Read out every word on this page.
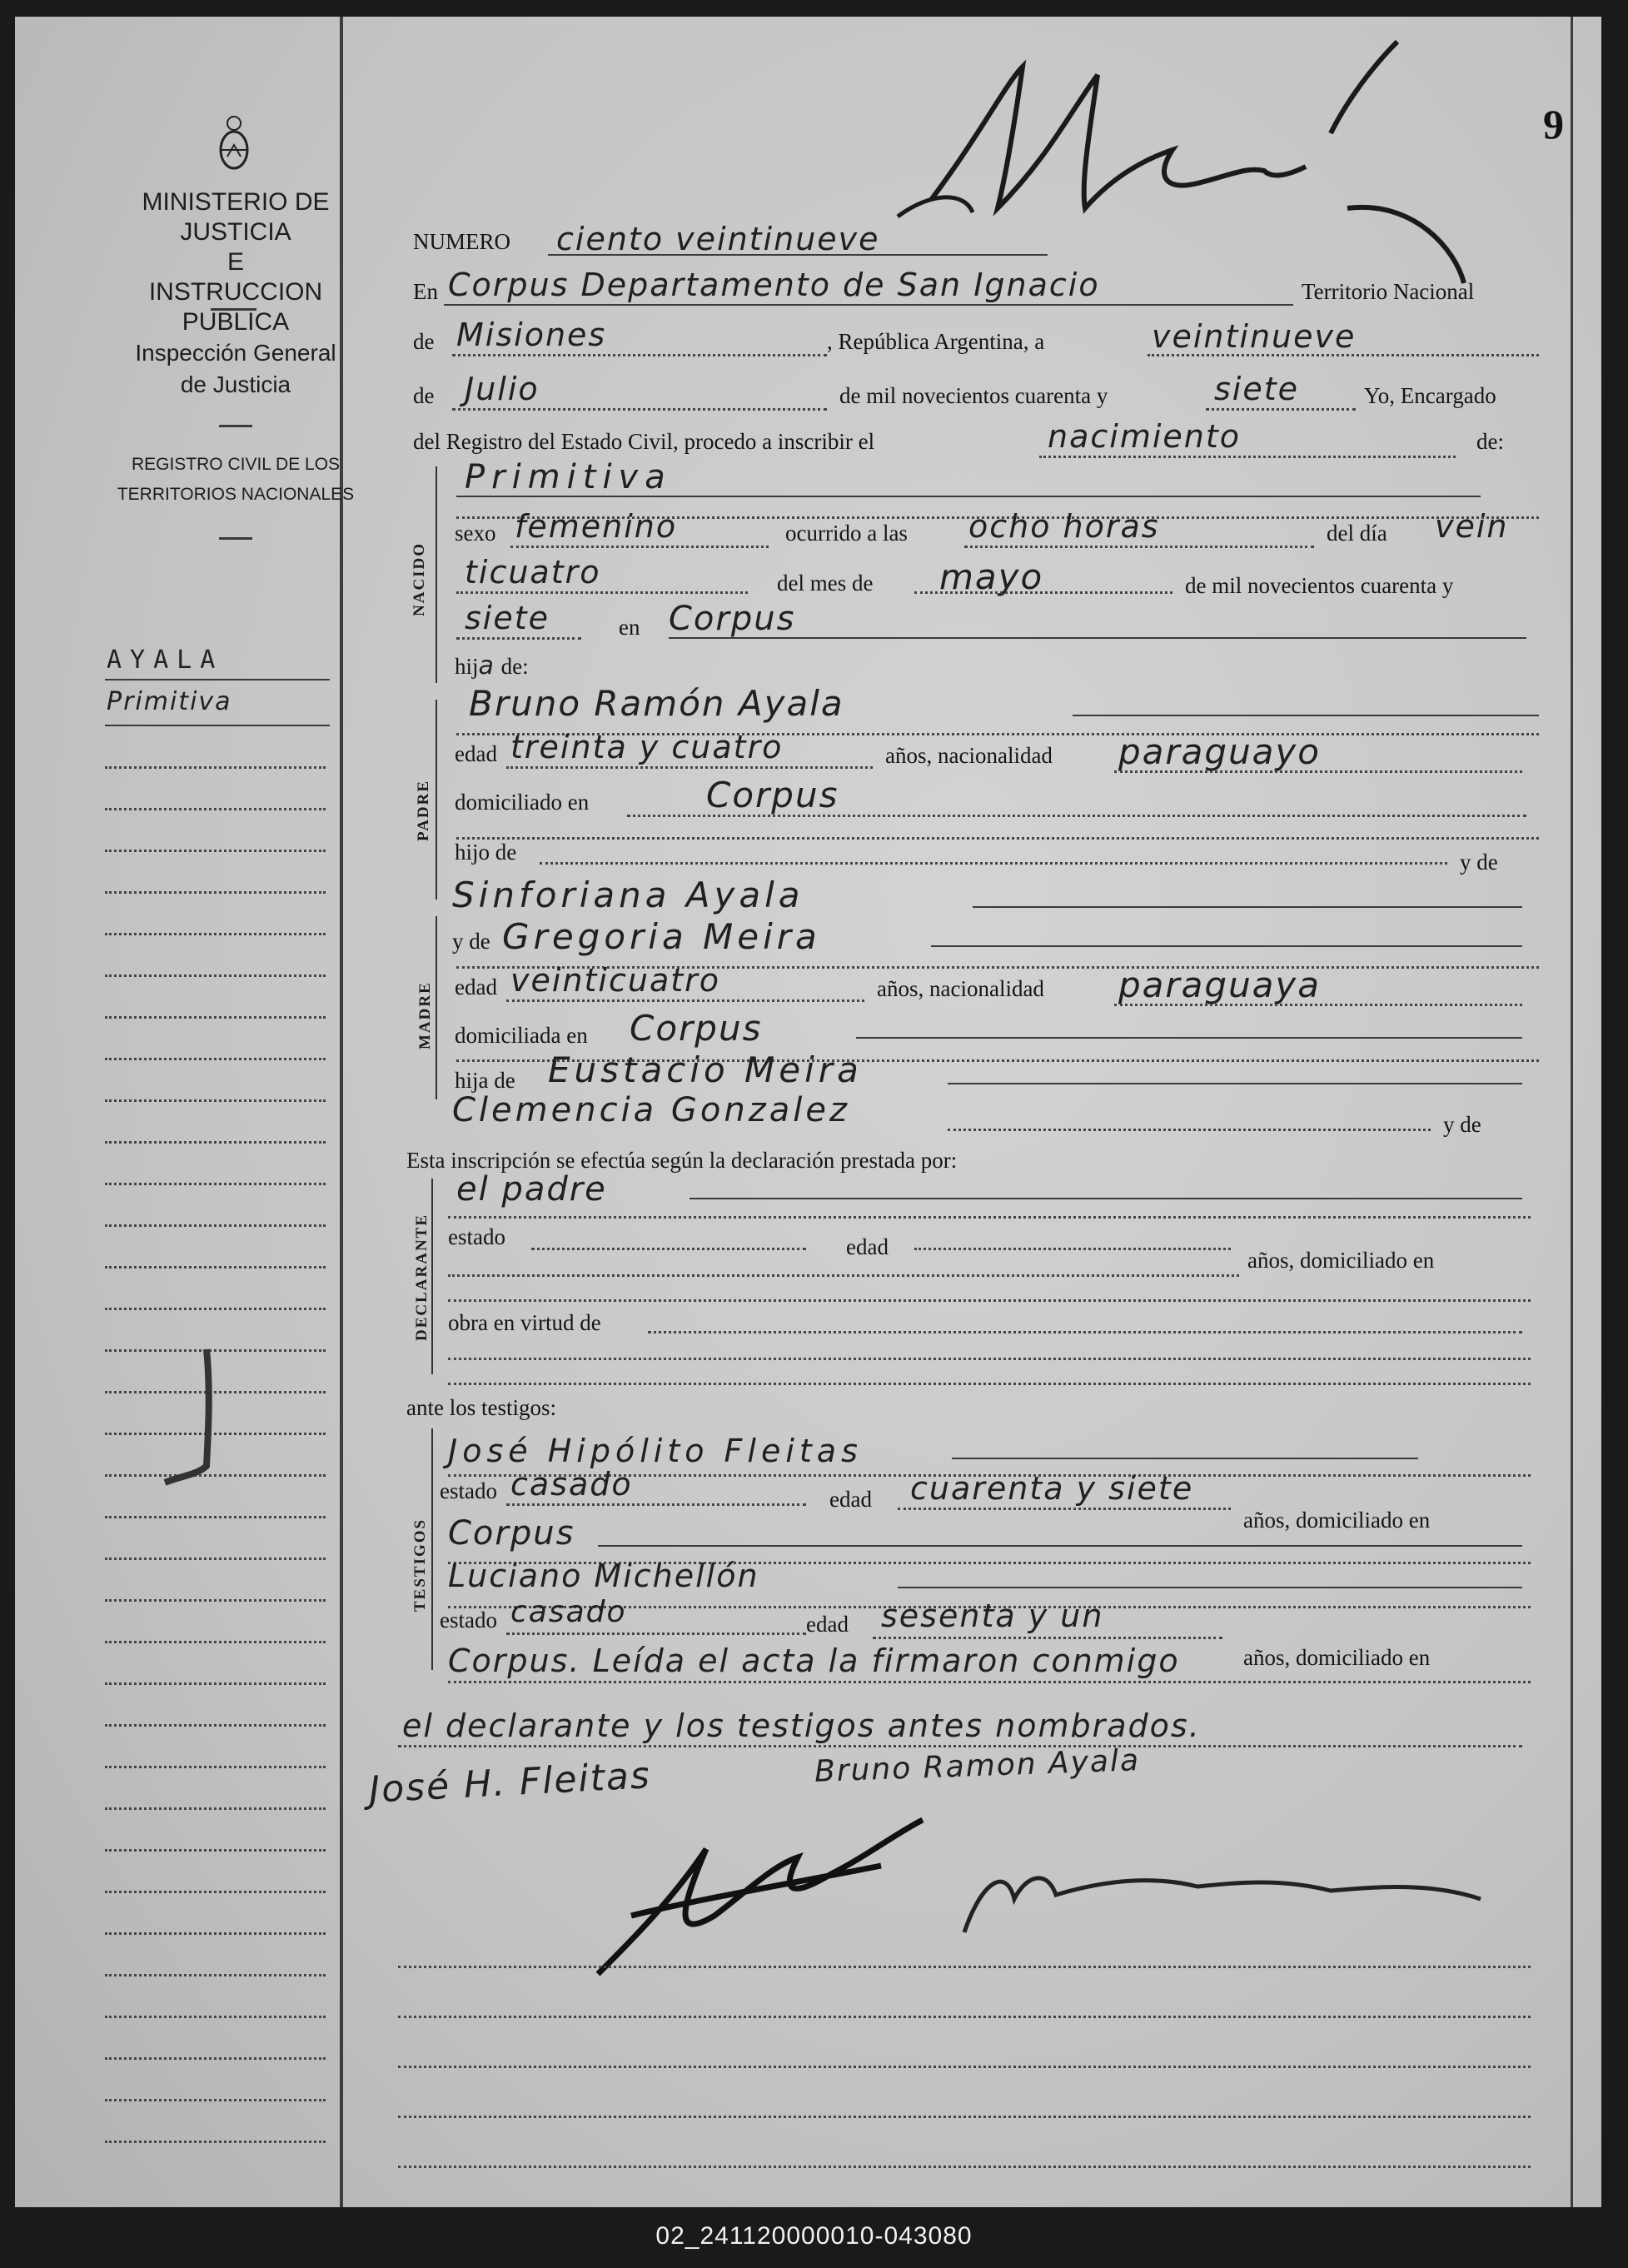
9
MINISTERIO DE JUSTICIA
E
INSTRUCCION PUBLICA
Inspección General
de Justicia
REGISTRO CIVIL DE LOS
TERRITORIOS NACIONALES
AYALA
Primitiva
NUMERO ciento veintinueve
En Corpus Departamento de San Ignacio	Territorio Nacional
de Misiones	, República Argentina, a	veintinueve
de Julio	de mil novecientos cuarenta y	siete	Yo, Encargado
del Registro del Estado Civil, procedo a inscribir el	nacimiento	de:
NACIDO
Primitiva
sexo femenino	ocurrido a las ocho horas	del día vein
ticuatro	del mes de mayo	de mil novecientos cuarenta y
siete	en Corpus
hija de:
PADRE
Bruno Ramón Ayala
edad treinta y cuatro	años, nacionalidad paraguayo
domiciliado en	Corpus
hijo de	y de
Sinforiana Ayala
MADRE
y de Gregoria Meira
edad veinticuatro	años, nacionalidad paraguaya
domiciliada en Corpus
hija de Eustacio Meira
Clemencia Gonzalez	y de
Esta inscripción se efectúa según la declaración prestada por:
DECLARANTE
el padre
estado	edad
años, domiciliado en
obra en virtud de
ante los testigos:
TESTIGOS
José Hipólito Fleitas
estado casado	edad cuarenta y siete
años, domiciliado en
Corpus
Luciano Michellón
estado casado	edad sesenta y un
años, domiciliado en
Corpus. Leída el acta la firmaron conmigo
el declarante y los testigos antes nombrados.
José H. Fleitas	Bruno Ramon Ayala
02_241120000010-043080
